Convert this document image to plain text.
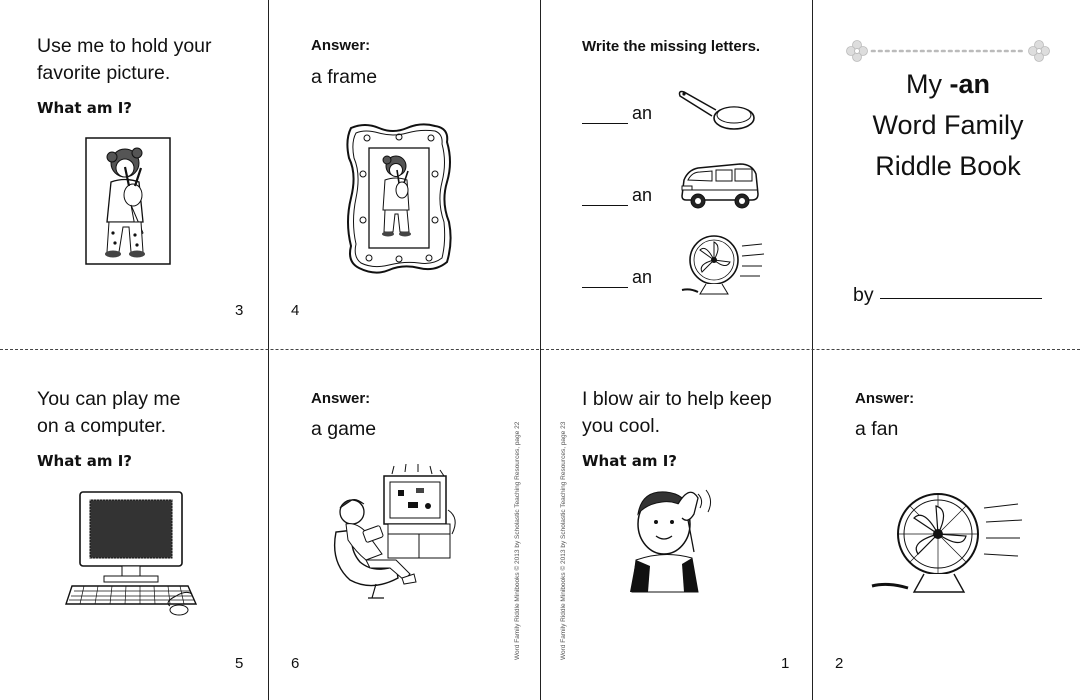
Use me to hold your
favorite picture.

What am I?
3
Answer:
a frame
4
Write the missing letters.
an
an
an
My -an
Word Family
Riddle Book
by

You can play me
on a computer.

What am I?
5
Answer:
a game
6
Word Family Riddle Minibooks © 2013 by Scholastic Teaching Resources, page 22	Word Family Riddle Minibooks © 2013 by Scholastic Teaching Resources, page 23

I blow air to help keep
you cool.

What am I?
1
Answer:
a fan
2
